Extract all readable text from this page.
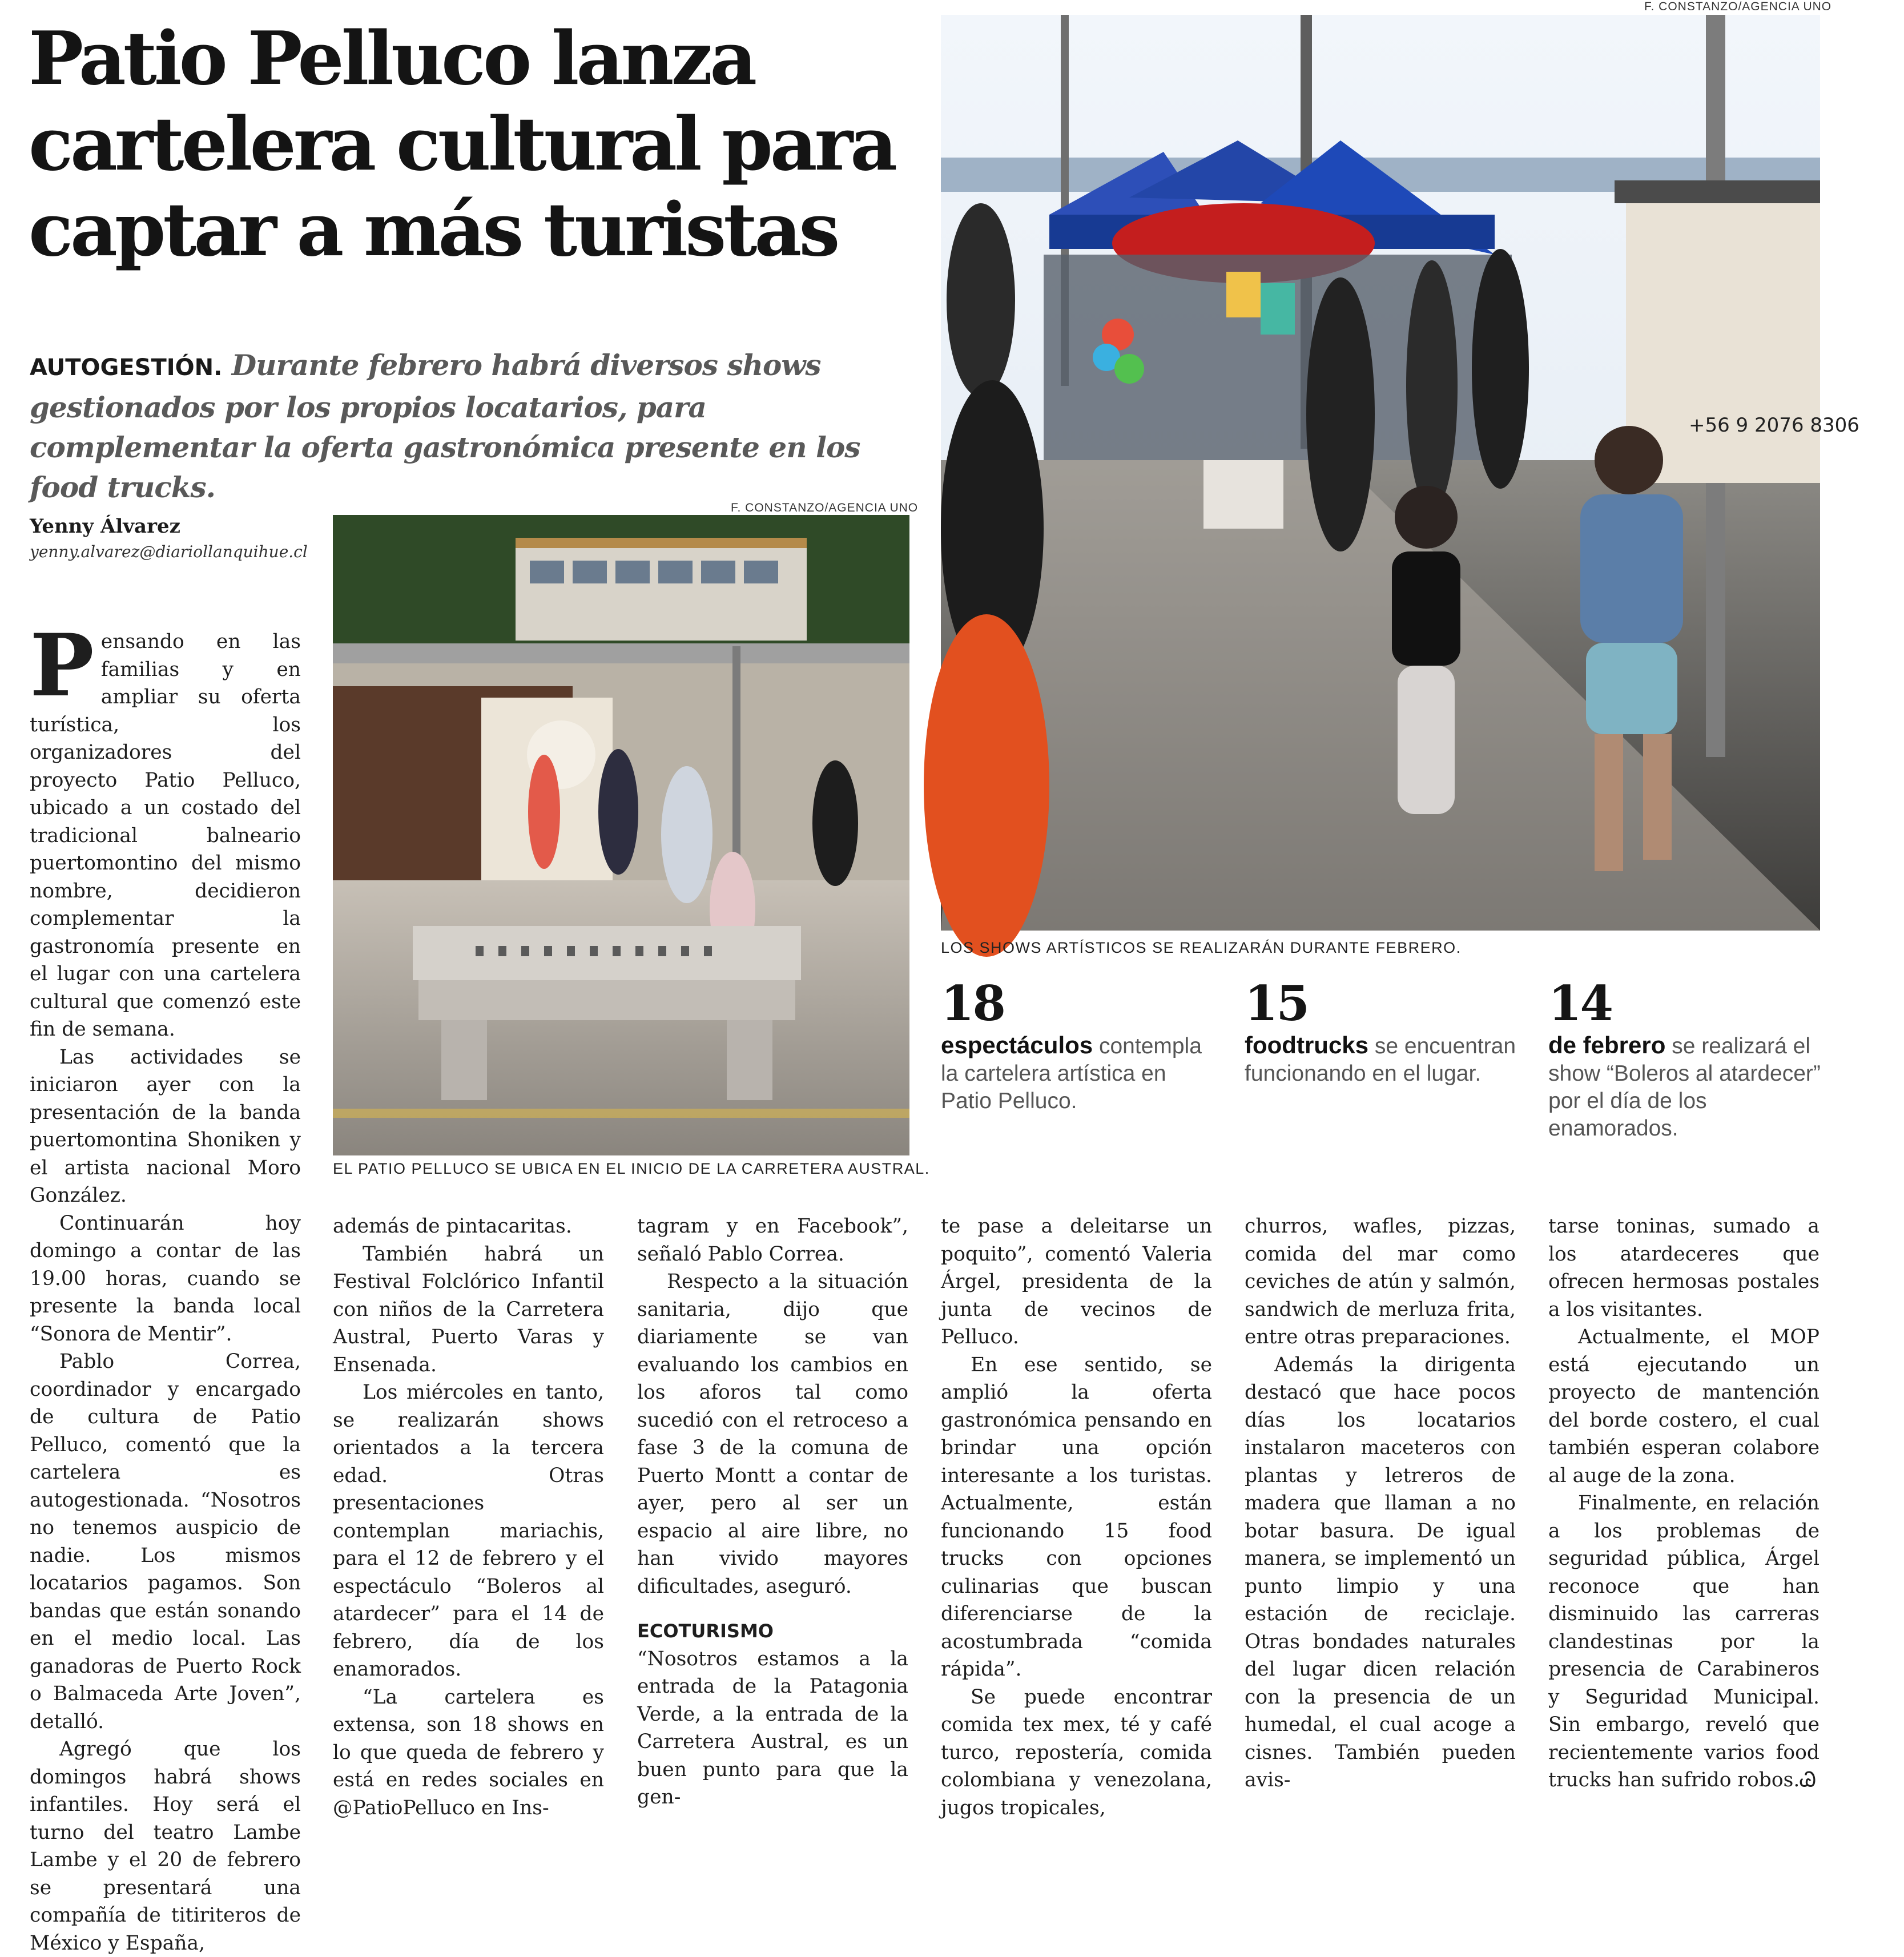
Patio Pelluco lanza
cartelera cultural para
captar a más turistas
AUTOGESTIÓN. Durante febrero habrá diversos shows gestionados por los propios locatarios, para complementar la oferta gastronómica presente en los food trucks.
Yenny Álvarez
yenny.alvarez@diariollanquihue.cl
F. CONSTANZO/AGENCIA UNO
+56 9 2076 8306
LOS SHOWS ARTÍSTICOS SE REALIZARÁN DURANTE FEBRERO.
F. CONSTANZO/AGENCIA UNO
EL PATIO PELLUCO SE UBICA EN EL INICIO DE LA CARRETERA AUSTRAL.
18
espectáculos contempla la cartelera artística en Patio Pelluco.
15
foodtrucks se encuentran funcionando en el lugar.
14
de febrero se realizará el show “Boleros al atardecer” por el día de los enamorados.

Pensando en las familias y en ampliar su oferta turística, los organizadores del proyecto Patio Pelluco, ubicado a un costado del tradicional balneario puertomontino del mismo nombre, decidieron complementar la gastronomía presente en el lugar con una cartelera cultural que comenzó este fin de semana.

Las actividades se iniciaron ayer con la presentación de la banda puertomontina Shoniken y el artista nacional Moro González.

Continuarán hoy domingo a contar de las 19.00 horas, cuando se presente la banda local “Sonora de Mentir”.

Pablo Correa, coordinador y encargado de cultura de Patio Pelluco, comentó que la cartelera es autogestionada. “Nosotros no tenemos auspicio de nadie. Los mismos locatarios pagamos. Son bandas que están sonando en el medio local. Las ganadoras de Puerto Rock o Balmaceda Arte Joven”, detalló.

Agregó que los domingos habrá shows infantiles. Hoy será el turno del teatro Lambe Lambe y el 20 de febrero se presentará una compañía de titiriteros de México y España,

además de pintacaritas.

También habrá un Festival Folclórico Infantil con niños de la Carretera Austral, Puerto Varas y Ensenada.

Los miércoles en tanto, se realizarán shows orientados a la tercera edad. Otras presentaciones contemplan mariachis, para el 12 de febrero y el espectáculo “Boleros al atardecer” para el 14 de febrero, día de los enamorados.

“La cartelera es extensa, son 18 shows en lo que queda de febrero y está en redes sociales en @PatioPelluco en Ins-

tagram y en Facebook”, señaló Pablo Correa.

Respecto a la situación sanitaria, dijo que diariamente se van evaluando los cambios en los aforos tal como sucedió con el retroceso a fase 3 de la comuna de Puerto Montt a contar de ayer, pero al ser un espacio al aire libre, no han vivido mayores dificultades, aseguró.

ECOTURISMO

“Nosotros estamos a la entrada de la Patagonia Verde, a la entrada de la Carretera Austral, es un buen punto para que la gen-

te pase a deleitarse un poquito”, comentó Valeria Árgel, presidenta de la junta de vecinos de Pelluco.

En ese sentido, se amplió la oferta gastronómica pensando en brindar una opción interesante a los turistas. Actualmente, están funcionando 15 food trucks con opciones culinarias que buscan diferenciarse de la acostumbrada “comida rápida”.

Se puede encontrar comida tex mex, té y café turco, repostería, comida colombiana y venezolana, jugos tropicales,

churros, wafles, pizzas, comida del mar como ceviches de atún y salmón, sandwich de merluza frita, entre otras preparaciones.

Además la dirigenta destacó que hace pocos días los locatarios instalaron maceteros con plantas y letreros de madera que llaman a no botar basura. De igual manera, se implementó un punto limpio y una estación de reciclaje. Otras bondades naturales del lugar dicen relación con la presencia de un humedal, el cual acoge a cisnes. También pueden avis-

tarse toninas, sumado a los atardeceres que ofrecen hermosas postales a los visitantes.

Actualmente, el MOP está ejecutando un proyecto de mantención del borde costero, el cual también esperan colabore al auge de la zona.

Finalmente, en relación a los problemas de seguridad pública, Árgel reconoce que han disminuido las carreras clandestinas por la presencia de Carabineros y Seguridad Municipal. Sin embargo, reveló que recientemente varios food trucks han sufrido robos.Ꮚ
